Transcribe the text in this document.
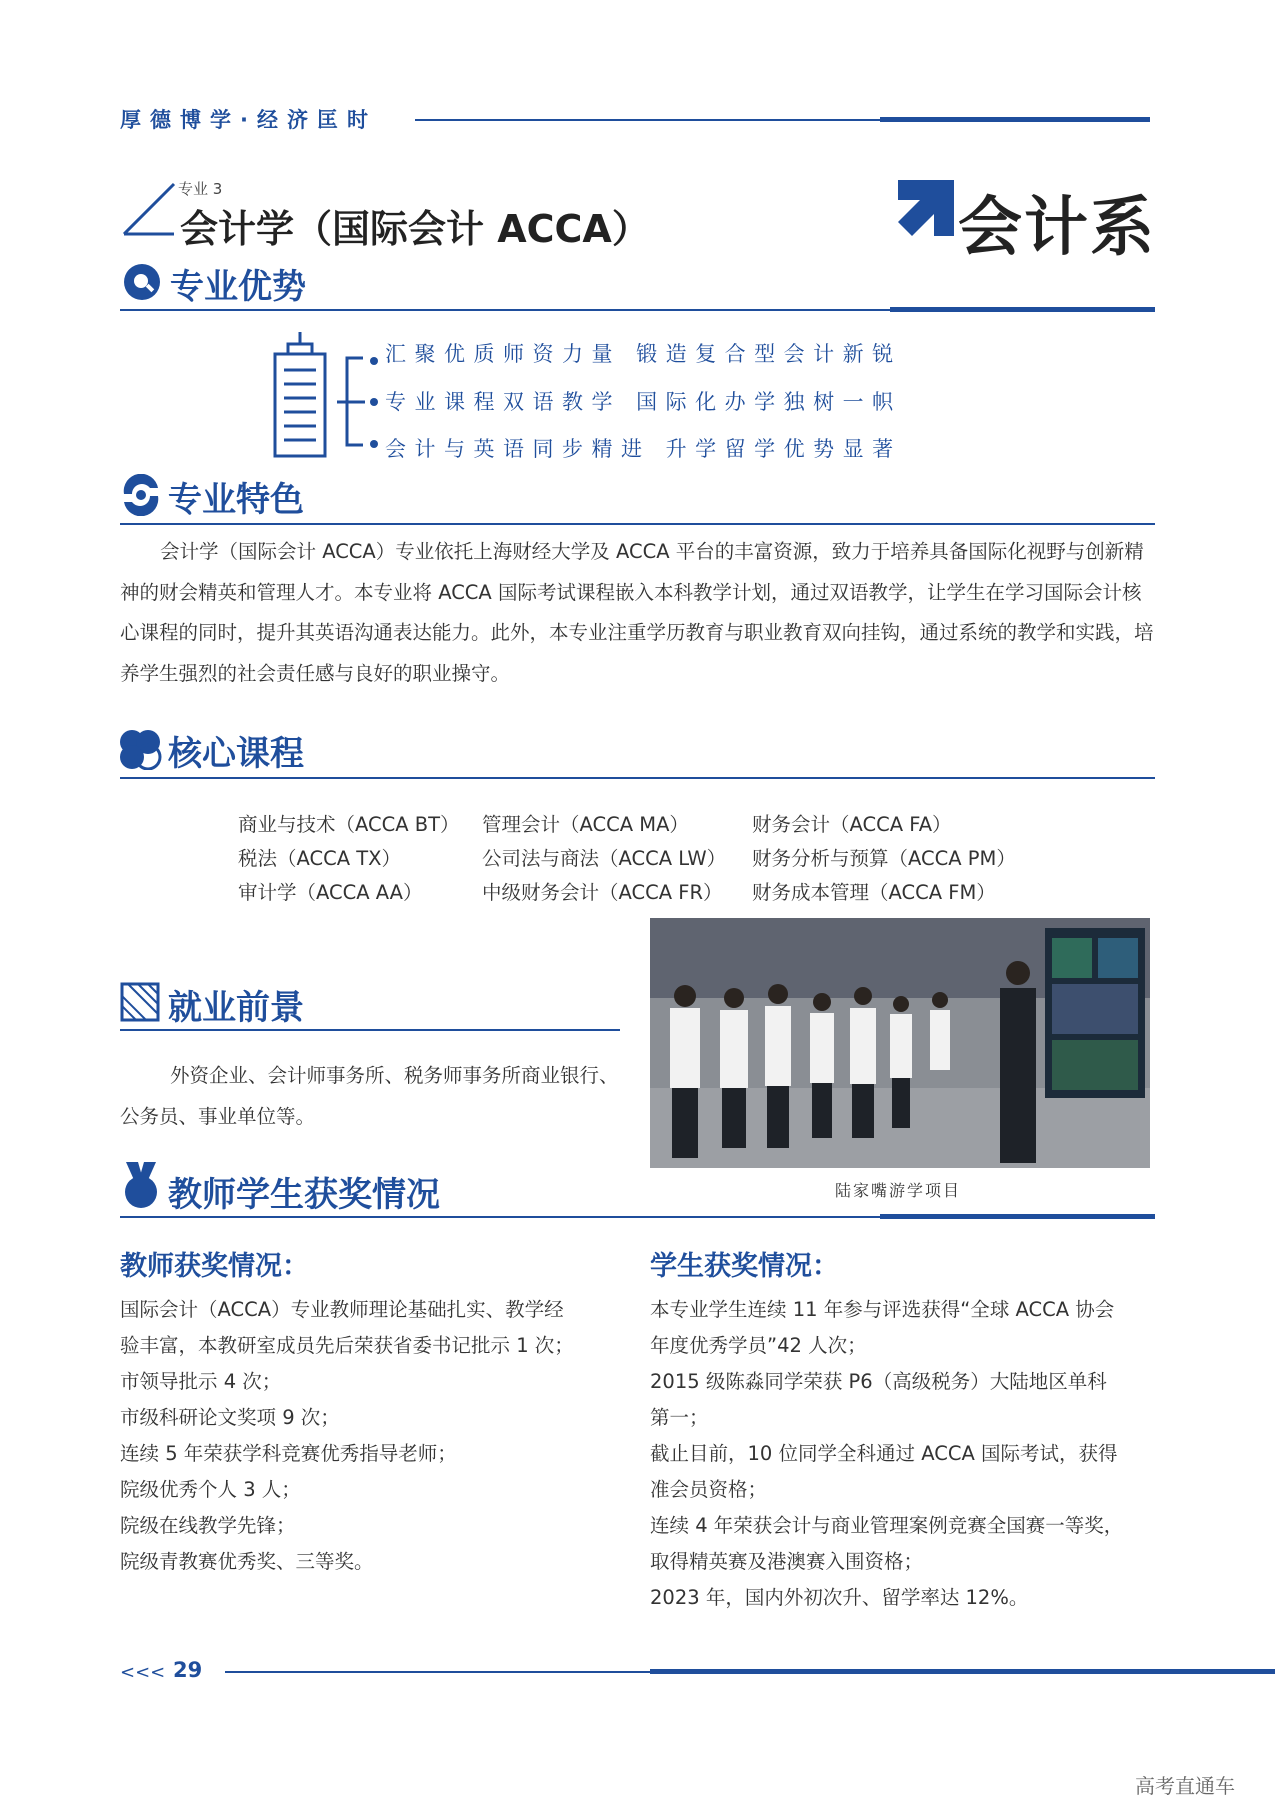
厚德博学·经济匡时
专业 3
会计学（国际会计 ACCA）	会计系
专业优势
汇聚优质师资力量 锻造复合型会计新锐
专业课程双语教学 国际化办学独树一帜
会计与英语同步精进 升学留学优势显著
专业特色
会计学（国际会计 ACCA）专业依托上海财经大学及 ACCA 平台的丰富资源，致力于培养具备国际化视野与创新精神的财会精英和管理人才。本专业将 ACCA 国际考试课程嵌入本科教学计划，通过双语教学，让学生在学习国际会计核心课程的同时，提升其英语沟通表达能力。此外，本专业注重学历教育与职业教育双向挂钩，通过系统的教学和实践，培养学生强烈的社会责任感与良好的职业操守。
核心课程
商业与技术（ACCA BT） 管理会计（ACCA MA）	财务会计（ACCA FA）
税法（ACCA TX）	公司法与商法（ACCA LW） 财务分析与预算（ACCA PM）
审计学（ACCA AA）	中级财务会计（ACCA FR） 财务成本管理（ACCA FM）
就业前景
外资企业、会计师事务所、税务师事务所商业银行、公务员、事业单位等。
陆家嘴游学项目
教师学生获奖情况
教师获奖情况：
国际会计（ACCA）专业教师理论基础扎实、教学经
验丰富，本教研室成员先后荣获省委书记批示 1 次；
市领导批示 4 次；
市级科研论文奖项 9 次；
连续 5 年荣获学科竞赛优秀指导老师；
院级优秀个人 3 人；
院级在线教学先锋；
院级青教赛优秀奖、三等奖。
学生获奖情况：
本专业学生连续 11 年参与评选获得“全球 ACCA 协会
年度优秀学员”42 人次；
2015 级陈淼同学荣获 P6（高级税务）大陆地区单科
第一；
截止目前，10 位同学全科通过 ACCA 国际考试，获得
准会员资格；
连续 4 年荣获会计与商业管理案例竞赛全国赛一等奖，
取得精英赛及港澳赛入围资格；
2023 年，国内外初次升、留学率达 12%。
<<< 29
高考直通车
